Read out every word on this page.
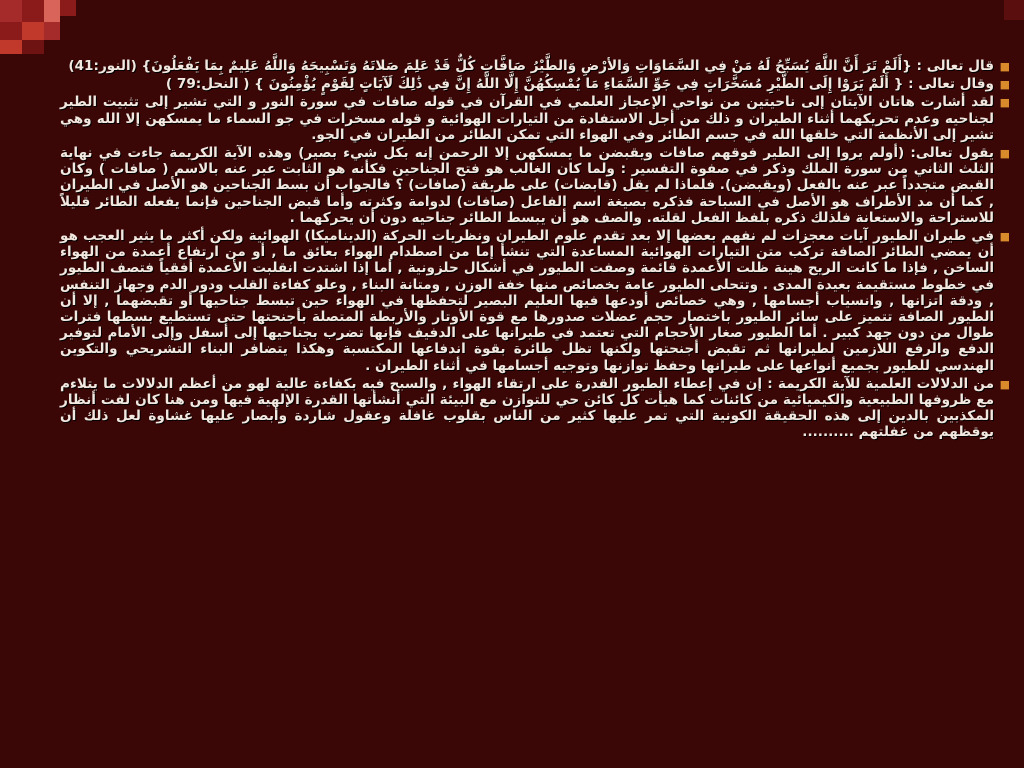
■
قال تعالى : {أَلَمْ تَرَ أَنَّ اللَّهَ يُسَبِّحُ لَهُ مَنْ فِي السَّمَاوَاتِ وَالأرْضِ وَالطَّيْرُ صَافَّاتٍ كُلٌّ قَدْ عَلِمَ صَلاتَهُ وَتَسْبِيحَهُ وَاللَّهُ عَلِيمٌ بِمَا يَفْعَلُونَ} (النور:41)
■
وقال تعالى : { أَلَمْ يَرَوْا إِلَى الطَّيْرِ مُسَخَّرَاتٍ فِي جَوِّ السَّمَاءِ مَا يُمْسِكُهُنَّ إِلَّا اللَّهُ إِنَّ فِي ذَٰلِكَ لَآيَاتٍ لِقَوْمٍ يُؤْمِنُونَ } ( النحل:79 )
■
لقد أشارت هاتان الآيتان إلى ناحيتين من نواحي الإعجاز العلمي في القرآن في قوله صافات في سورة النور و التي تشير إلى تثبيت الطير لجناحيه وعدم تحريكهما أثناء الطيران و ذلك من أجل الاستفادة من التيارات الهوائية و قوله مسخرات في جو السماء ما يمسكهن إلا الله وهي تشير إلى الأنظمة التي خلقها الله في جسم الطائر وفي الهواء التي تمكن الطائر من الطيران في الجو.
■
يقول تعالى: (أولم يروا إلى الطير فوقهم صافات ويقبضن ما يمسكهن إلا الرحمن إنه بكل شيء بصير) وهذه الآية الكريمة جاءت في نهاية الثلث الثاني من سورة الملك وذكر في صفوة التفسير : ولما كان الغالب هو فتح الجناحين فكأنه هو الثابت عبر عنه بالاسم ( صافات ) وكان القبض متجدداً عبر عنه بالفعل (ويقبضن). فلماذا لم يقل (قابضات) على طريقة (صافات) ؟ فالجواب أن بسط الجناحين هو الأصل في الطيران , كما أن مد الأطراف هو الأصل في السباحة فذكره بصيغة اسم الفاعل (صافات) لدوامة وكثرته وأما قبض الجناحين فإنما يفعله الطائر قليلاً للاستراحة والاستعانة فلذلك ذكره بلفظ الفعل لقلته. والصف هو أن يبسط الطائر جناحيه دون أن يحركهما .
■
في طيران الطيور آيات معجزات لم نفهم بعضها إلا بعد تقدم علوم الطيران ونظريات الحركة (الديناميكا) الهوائية ولكن أكثر ما يثير العجب هو أن يمضي الطائر الصافة تركب متن التيارات الهوائية المساعدة التي تنشأ إما من اصطدام الهواء بعائق ما , أو من ارتفاع أعمدة من الهواء الساخن , فإذا ما كانت الريح هينة ظلت الأعمدة قائمة وصفت الطيور في أشكال حلزونية , أما إذا اشتدت انقلبت الأعمدة أفقياً فتصف الطيور في خطوط مستقيمة بعيدة المدى . وتتحلى الطيور عامة بخصائص منها خفة الوزن , ومتانة البناء , وعلو كفاءة القلب ودور الدم وجهاز التنفس , ودقة اتزانها , وانسياب أجسامها , وهي خصائص أودعها فيها العليم البصير لتحفظها في الهواء حين تبسط جناحيها أو تقبضهما , إلا أن الطيور الصافة تتميز على سائر الطيور باختصار حجم عضلات صدورها مع قوة الأوتار والأربطة المتصلة بأجنحتها حتى تستطيع بسطها فترات طوال من دون جهد كبير . أما الطيور صغار الأحجام التي تعتمد في طيرانها على الدفيف فإنها تضرب بجناحيها إلى أسفل وإلى الأمام لتوفير الدفع والرفع اللازمين لطيرانها ثم تقبض أجنحتها ولكنها تظل طائرة بقوة اندفاعها المكتسبة وهكذا يتضافر البناء التشريحي والتكوين الهندسي للطيور بجميع أنواعها على طيرانها وحفظ توازنها وتوجيه أجسامها في أثناء الطيران .
■
من الدلالات العلمية للآية الكريمة : إن في إعطاء الطيور القدرة على ارتقاء الهواء , والسبح فيه بكفاءة عالية لهو من أعظم الدلالات ما يتلاءم مع ظروفها الطبيعية والكيميائية من كائنات كما هيأت كل كائن حي للتوازن مع البيئة التي أنشأتها القدرة الإلهية فيها ومن هنا كان لفت أنظار المكذبين بالدين إلى هذه الحقيقة الكونية التي تمر عليها كثير من الناس بقلوب غافلة وعقول شاردة وأبصار عليها غشاوة لعل ذلك أن يوقظهم من غفلتهم ..........
